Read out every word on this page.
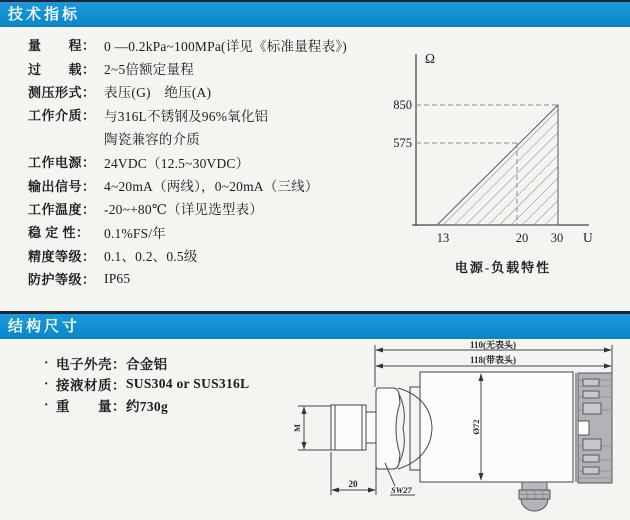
技术指标
量　　程： 0 —0.2kPa~100MPa(详见《标准量程表》)
过　　载： 2~5倍额定量程
测压形式： 表压(G)　绝压(A)
工作介质： 与316L不锈钢及96%氧化铝
陶瓷兼容的介质
工作电源： 24VDC（12.5~30VDC）
输出信号： 4~20mA（两线），0~20mA（三线）
工作温度： -20~+80℃（详见选型表）
稳 定 性：	0.1%FS/年
精度等级： 0.1、0.2、0.5级
防护等级： IP65
Ω
850
575
13	20 30 U
电源-负载特性
结构尺寸
· 电子外壳： 合金铝
· 接液材质： SUS304 or SUS316L
· 重　　量： 约730g
110(无表头)
118(带表头)
M	Ø72
20
SW27
